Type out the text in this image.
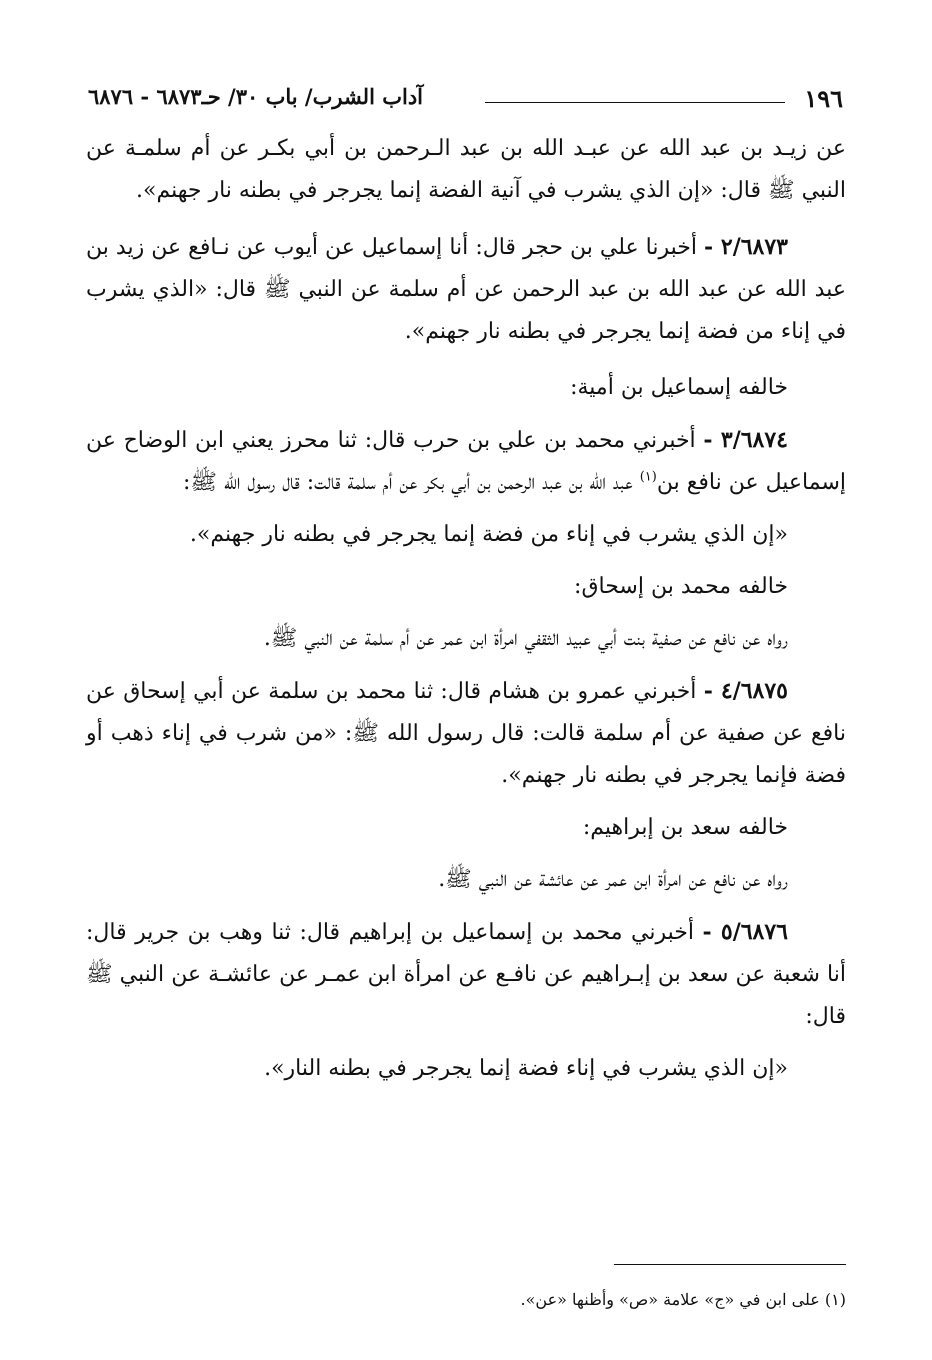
١٩٦
آداب الشرب/ باب ٣٠/ حـ٦٨٧٣ - ٦٨٧٦

عن زيـد بن عبد الله عن عبـد الله بن عبد الـرحمن بن أبي بكـر عن أم سلمـة عن النبي ﷺ قال: «إن الذي يشرب في آنية الفضة إنما يجرجر في بطنه نار جهنم».

٢/٦٨٧٣ - أخبرنا علي بن حجر قال: أنا إسماعيل عن أيوب عن نـافع عن زيد بن عبد الله عن عبد الله بن عبد الرحمن عن أم سلمة عن النبي ﷺ قال: «الذي يشرب في إناء من فضة إنما يجرجر في بطنه نار جهنم».

خالفه إسماعيل بن أمية:

٣/٦٨٧٤ - أخبرني محمد بن علي بن حرب قال: ثنا محرز يعني ابن الوضاح عن إسماعيل عن نافع بن$^{(١)}$ عبد الله بن عبد الرحمن بن أبي بكر عن أم سلمة قالت: قال رسول الله ﷺ:

«إن الذي يشرب في إناء من فضة إنما يجرجر في بطنه نار جهنم».

خالفه محمد بن إسحاق:

رواه عن نافع عن صفية بنت أبي عبيد الثقفي امرأة ابن عمر عن أم سلمة عن النبي ﷺ.

٤/٦٨٧٥ - أخبرني عمرو بن هشام قال: ثنا محمد بن سلمة عن أبي إسحاق عن نافع عن صفية عن أم سلمة قالت: قال رسول الله ﷺ: «من شرب في إناء ذهب أو فضة فإنما يجرجر في بطنه نار جهنم».

خالفه سعد بن إبراهيم:

رواه عن نافع عن امرأة ابن عمر عن عائشة عن النبي ﷺ.

٥/٦٨٧٦ - أخبرني محمد بن إسماعيل بن إبراهيم قال: ثنا وهب بن جرير قال: أنا شعبة عن سعد بن إبـراهيم عن نافـع عن امرأة ابن عمـر عن عائشـة عن النبي ﷺ قال:

«إن الذي يشرب في إناء فضة إنما يجرجر في بطنه النار».

(١) على ابن في «ج» علامة «ص» وأظنها «عن».
